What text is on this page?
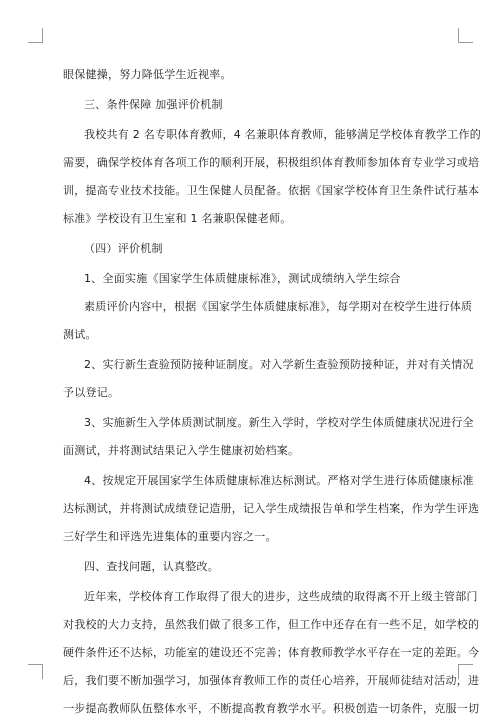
眼保健操，努力降低学生近视率。
三、条件保障 加强评价机制
我校共有 2 名专职体育教师，4 名兼职体育教师，能够满足学校体育教学工作的
需要，确保学校体育各项工作的顺利开展，积极组织体育教师参加体育专业学习或培
训，提高专业技术技能。卫生保健人员配备。依据《国家学校体育卫生条件试行基本
标准》学校设有卫生室和 1 名兼职保健老师。
（四）评价机制
1、全面实施《国家学生体质健康标准》，测试成绩纳入学生综合
素质评价内容中，根据《国家学生体质健康标准》，每学期对在校学生进行体质
测试。
2、实行新生查验预防接种证制度。对入学新生查验预防接种证，并对有关情况
予以登记。
3、实施新生入学体质测试制度。新生入学时，学校对学生体质健康状况进行全
面测试，并将测试结果记入学生健康初始档案。
4、按规定开展国家学生体质健康标准达标测试。严格对学生进行体质健康标准
达标测试，并将测试成绩登记造册，记入学生成绩报告单和学生档案，作为学生评选
三好学生和评选先进集体的重要内容之一。
四、查找问题，认真整改。
近年来，学校体育工作取得了很大的进步，这些成绩的取得离不开上级主管部门
对我校的大力支持，虽然我们做了很多工作，但工作中还存在有一些不足，如学校的
硬件条件还不达标，功能室的建设还不完善；体育教师教学水平存在一定的差距。今
后，我们要不断加强学习，加强体育教师工作的责任心培养，开展师徒结对活动，进
一步提高教师队伍整体水平，不断提高教育教学水平。积极创造一切条件，克服一切
